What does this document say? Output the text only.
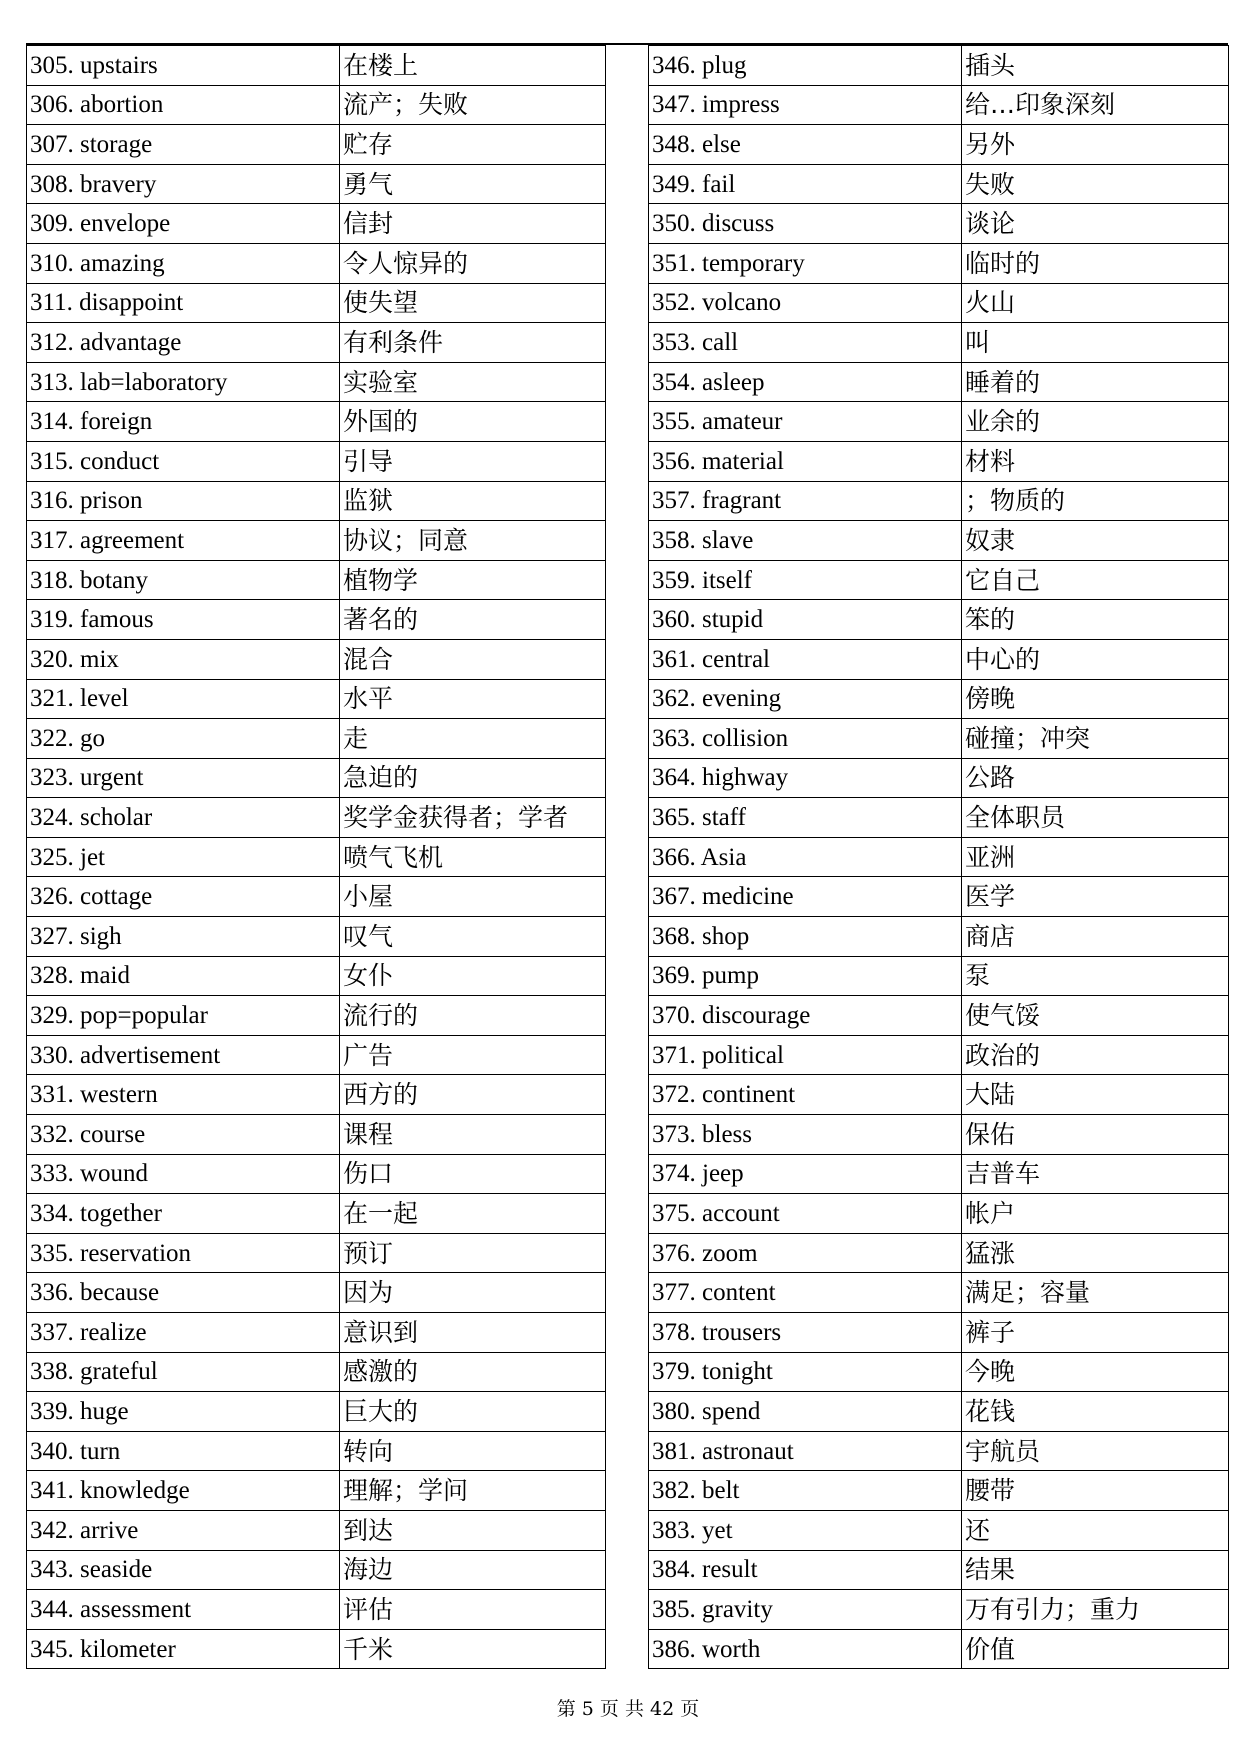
305. upstairs	在楼上
306. abortion	流产；失败
307. storage	贮存
308. bravery	勇气
309. envelope	信封
310. amazing	令人惊异的
311. disappoint	使失望
312. advantage	有利条件
313. lab=laboratory	实验室
314. foreign	外国的
315. conduct	引导
316. prison	监狱
317. agreement	协议；同意
318. botany	植物学
319. famous	著名的
320. mix	混合
321. level	水平
322. go	走
323. urgent	急迫的
324. scholar	奖学金获得者；学者
325. jet	喷气飞机
326. cottage	小屋
327. sigh	叹气
328. maid	女仆
329. pop=popular	流行的
330. advertisement	广告
331. western	西方的
332. course	课程
333. wound	伤口
334. together	在一起
335. reservation	预订
336. because	因为
337. realize	意识到
338. grateful	感激的
339. huge	巨大的
340. turn	转向
341. knowledge	理解；学问
342. arrive	到达
343. seaside	海边
344. assessment	评估
345. kilometer	千米
346. plug	插头
347. impress	给…印象深刻
348. else	另外
349. fail	失败
350. discuss	谈论
351. temporary	临时的
352. volcano	火山
353. call	叫
354. asleep	睡着的
355. amateur	业余的
356. material	材料
357. fragrant	；物质的
358. slave	奴隶
359. itself	它自己
360. stupid	笨的
361. central	中心的
362. evening	傍晚
363. collision	碰撞；冲突
364. highway	公路
365. staff	全体职员
366. Asia	亚洲
367. medicine	医学
368. shop	商店
369. pump	泵
370. discourage	使气馁
371. political	政治的
372. continent	大陆
373. bless	保佑
374. jeep	吉普车
375. account	帐户
376. zoom	猛涨
377. content	满足；容量
378. trousers	裤子
379. tonight	今晚
380. spend	花钱
381. astronaut	宇航员
382. belt	腰带
383. yet	还
384. result	结果
385. gravity	万有引力；重力
386. worth	价值
第 5 页 共 42 页
